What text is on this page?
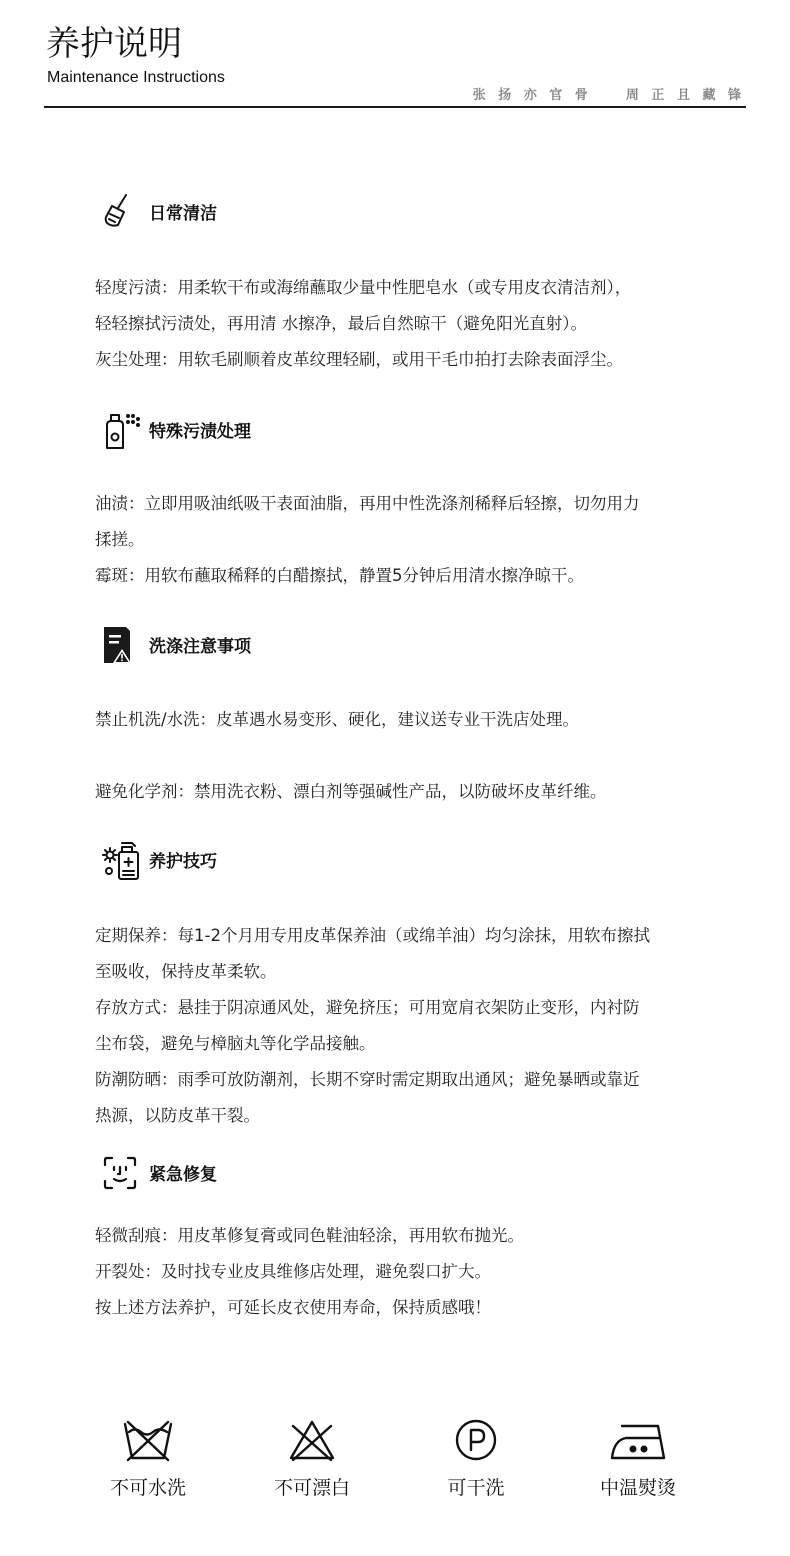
养护说明
Maintenance Instructions
张 扬 亦 官 骨    周 正 且 藏 锋
日常清洁
轻度污渍：用柔软干布或海绵蘸取少量中性肥皂水（或专用皮衣清洁剂），
轻轻擦拭污渍处，再用清 水擦净，最后自然晾干（避免阳光直射）。
灰尘处理：用软毛刷顺着皮革纹理轻刷，或用干毛巾拍打去除表面浮尘。
特殊污渍处理
油渍：立即用吸油纸吸干表面油脂，再用中性洗涤剂稀释后轻擦，切勿用力
揉搓。
霉斑：用软布蘸取稀释的白醋擦拭，静置5分钟后用清水擦净晾干。
洗涤注意事项
禁止机洗/水洗：皮革遇水易变形、硬化，建议送专业干洗店处理。
避免化学剂：禁用洗衣粉、漂白剂等强碱性产品，以防破坏皮革纤维。
养护技巧
定期保养：每1-2个月用专用皮革保养油（或绵羊油）均匀涂抹，用软布擦拭
至吸收，保持皮革柔软。
存放方式：悬挂于阴凉通风处，避免挤压；可用宽肩衣架防止变形，内衬防
尘布袋，避免与樟脑丸等化学品接触。
防潮防晒：雨季可放防潮剂，长期不穿时需定期取出通风；避免暴晒或靠近
热源，以防皮革干裂。
紧急修复
轻微刮痕：用皮革修复膏或同色鞋油轻涂，再用软布抛光。
开裂处：及时找专业皮具维修店处理，避免裂口扩大。
按上述方法养护，可延长皮衣使用寿命，保持质感哦！
不可水洗	不可漂白	可干洗	中温熨烫
